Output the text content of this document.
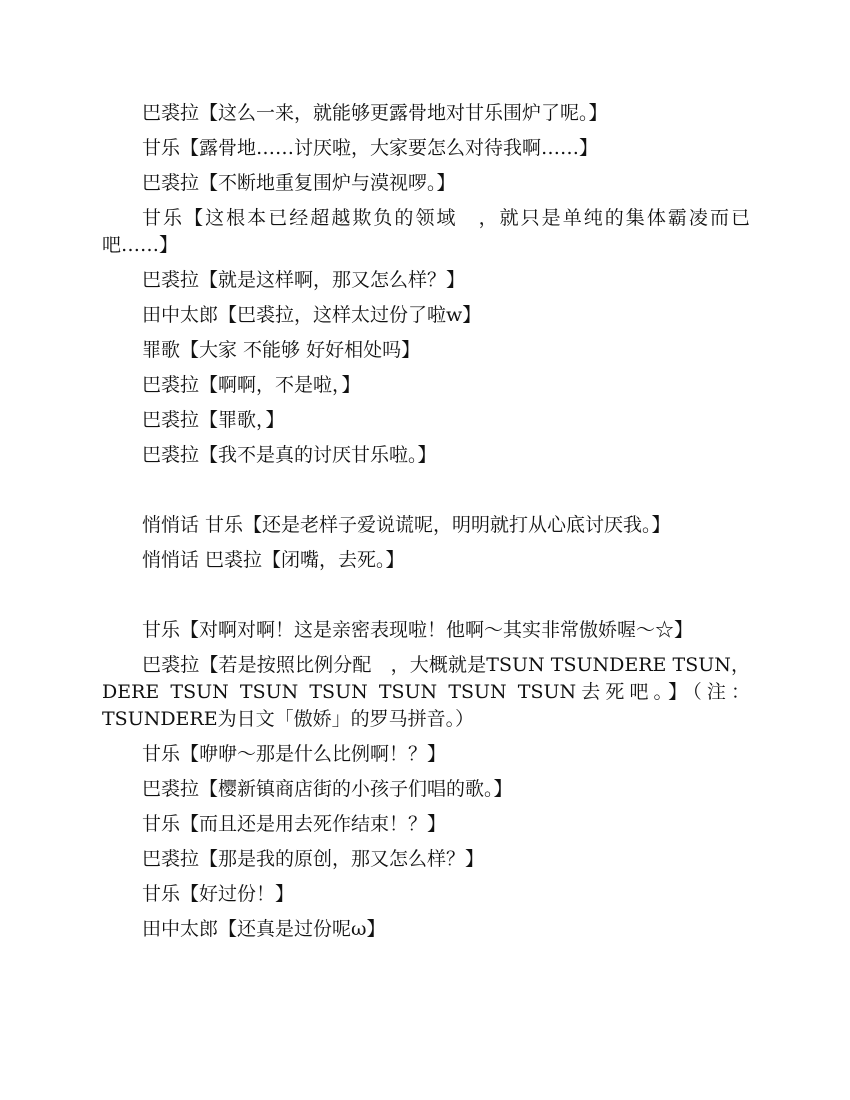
巴裘拉【这么一来，就能够更露骨地对甘乐围炉了呢。】

甘乐【露骨地……讨厌啦，大家要怎么对待我啊……】

巴裘拉【不断地重复围炉与漠视啰。】

甘乐【这根本已经超越欺负的领域　，就只是单纯的集体霸凌而已吧……】

巴裘拉【就是这样啊，那又怎么样？】

田中太郎【巴裘拉，这样太过份了啦w】

罪歌【大家 不能够 好好相处吗】

巴裘拉【啊啊，不是啦，】

巴裘拉【罪歌，】

巴裘拉【我不是真的讨厌甘乐啦。】

悄悄话 甘乐【还是老样子爱说谎呢，明明就打从心底讨厌我。】

悄悄话 巴裘拉【闭嘴，去死。】

甘乐【对啊对啊！这是亲密表现啦！他啊～其实非常傲娇喔～☆】

巴裘拉【若是按照比例分配　，大概就是TSUN TSUNDERE TSUN，DERE TSUN TSUN TSUN TSUN TSUN TSUN去死吧。】（注：TSUNDERE为日文「傲娇」的罗马拼音。）

甘乐【咿咿～那是什么比例啊！？】

巴裘拉【樱新镇商店街的小孩子们唱的歌。】

甘乐【而且还是用去死作结束！？】

巴裘拉【那是我的原创，那又怎么样？】

甘乐【好过份！】

田中太郎【还真是过份呢ω】
